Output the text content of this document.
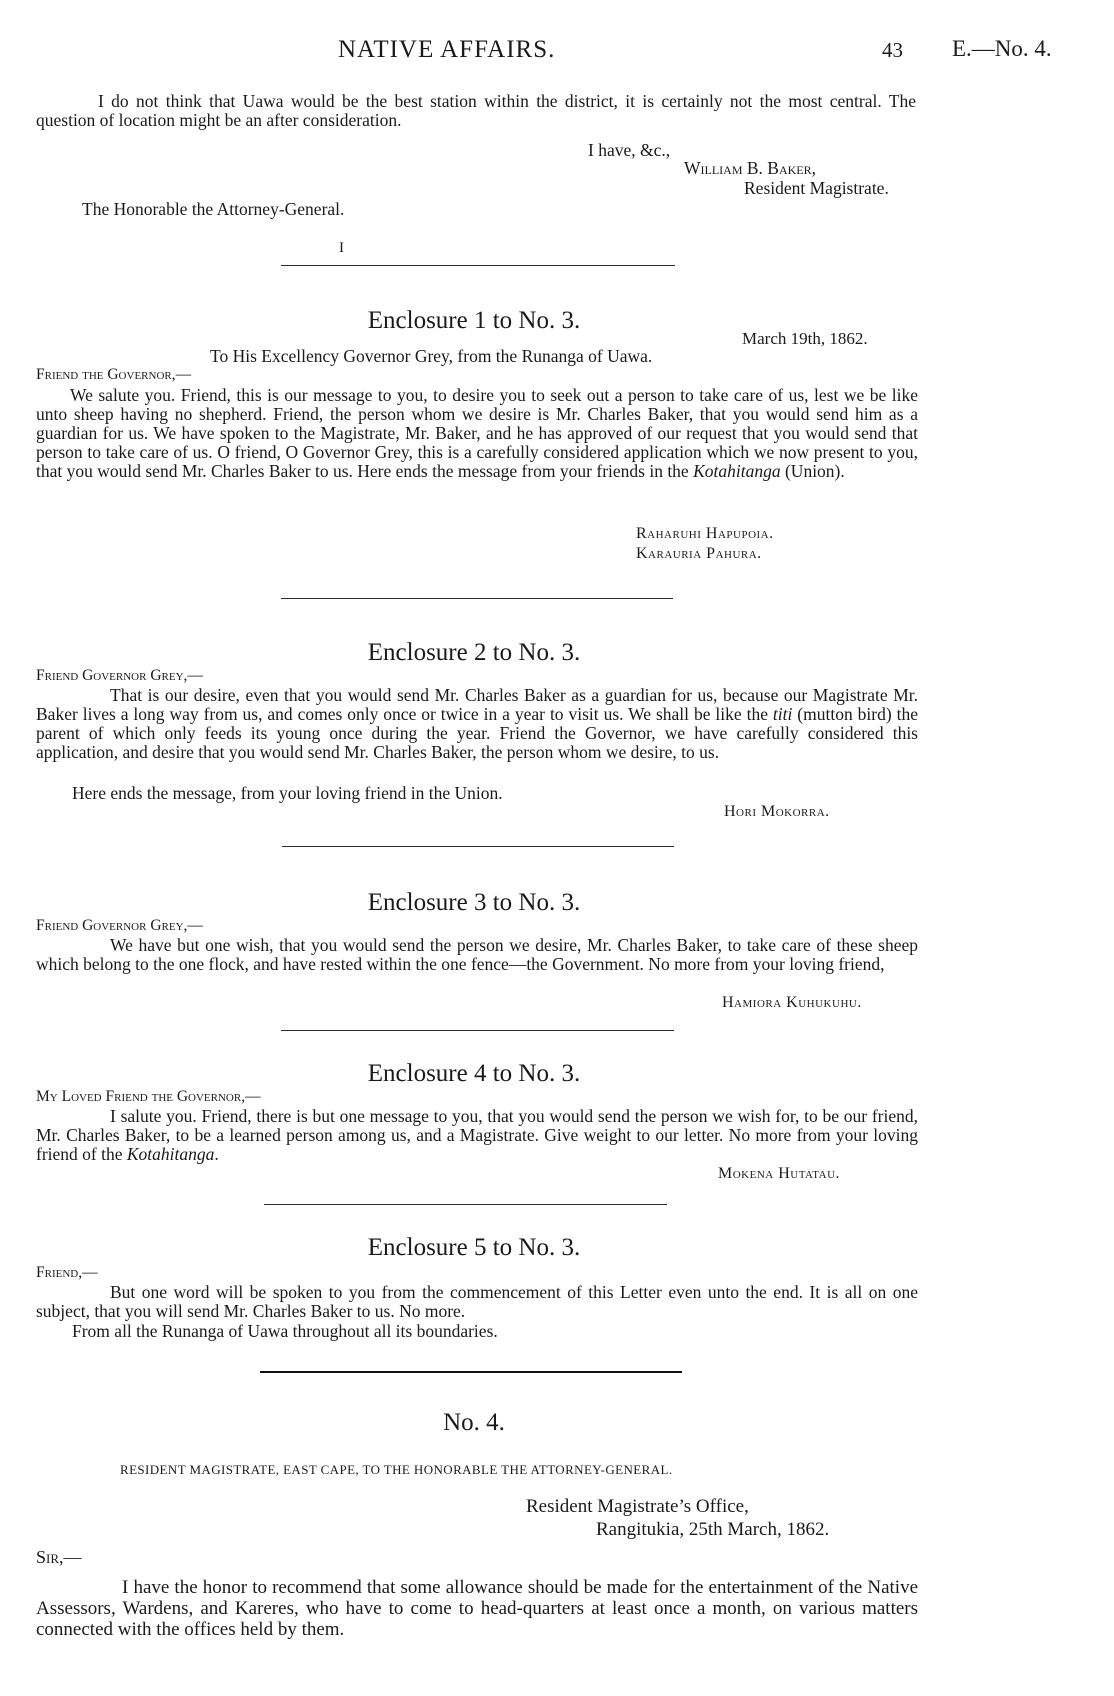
NATIVE AFFAIRS.	43 E.—No. 4.

I do not think that Uawa would be the best station within the district, it is certainly not the most central. The question of location might be an after consideration.

I have, &c.,
William B. Baker,
Resident Magistrate.
The Honorable the Attorney-General.
I
Enclosure 1 to No. 3.
March 19th, 1862.
To His Excellency Governor Grey, from the Runanga of Uawa.
Friend the Governor,—

We salute you. Friend, this is our message to you, to desire you to seek out a person to take care of us, lest we be like unto sheep having no shepherd. Friend, the person whom we desire is Mr. Charles Baker, that you would send him as a guardian for us. We have spoken to the Magistrate, Mr. Baker, and he has approved of our request that you would send that person to take care of us. O friend, O Governor Grey, this is a carefully considered application which we now present to you, that you would send Mr. Charles Baker to us. Here ends the message from your friends in the Kotahitanga (Union).

Raharuhi Hapupoia.
Karauria Pahura.
Enclosure 2 to No. 3.
Friend Governor Grey,—

That is our desire, even that you would send Mr. Charles Baker as a guardian for us, because our Magistrate Mr. Baker lives a long way from us, and comes only once or twice in a year to visit us. We shall be like the titi (mutton bird) the parent of which only feeds its young once during the year. Friend the Governor, we have carefully considered this application, and desire that you would send Mr. Charles Baker, the person whom we desire, to us.

Here ends the message, from your loving friend in the Union.
Hori Mokorra.
Enclosure 3 to No. 3.
Friend Governor Grey,—

We have but one wish, that you would send the person we desire, Mr. Charles Baker, to take care of these sheep which belong to the one flock, and have rested within the one fence—the Government. No more from your loving friend,

Hamiora Kuhukuhu.
Enclosure 4 to No. 3.
My Loved Friend the Governor,—

I salute you. Friend, there is but one message to you, that you would send the person we wish for, to be our friend, Mr. Charles Baker, to be a learned person among us, and a Magistrate. Give weight to our letter. No more from your loving friend of the Kotahitanga.

Mokena Hutatau.
Enclosure 5 to No. 3.
Friend,—

But one word will be spoken to you from the commencement of this Letter even unto the end. It is all on one subject, that you will send Mr. Charles Baker to us. No more.

From all the Runanga of Uawa throughout all its boundaries.
No. 4.
RESIDENT MAGISTRATE, EAST CAPE, TO THE HONORABLE THE ATTORNEY-GENERAL.
Resident Magistrate’s Office,
Rangitukia, 25th March, 1862.
Sir,—

I have the honor to recommend that some allowance should be made for the entertainment of the Native Assessors, Wardens, and Kareres, who have to come to head-quarters at least once a month, on various matters connected with the offices held by them.
